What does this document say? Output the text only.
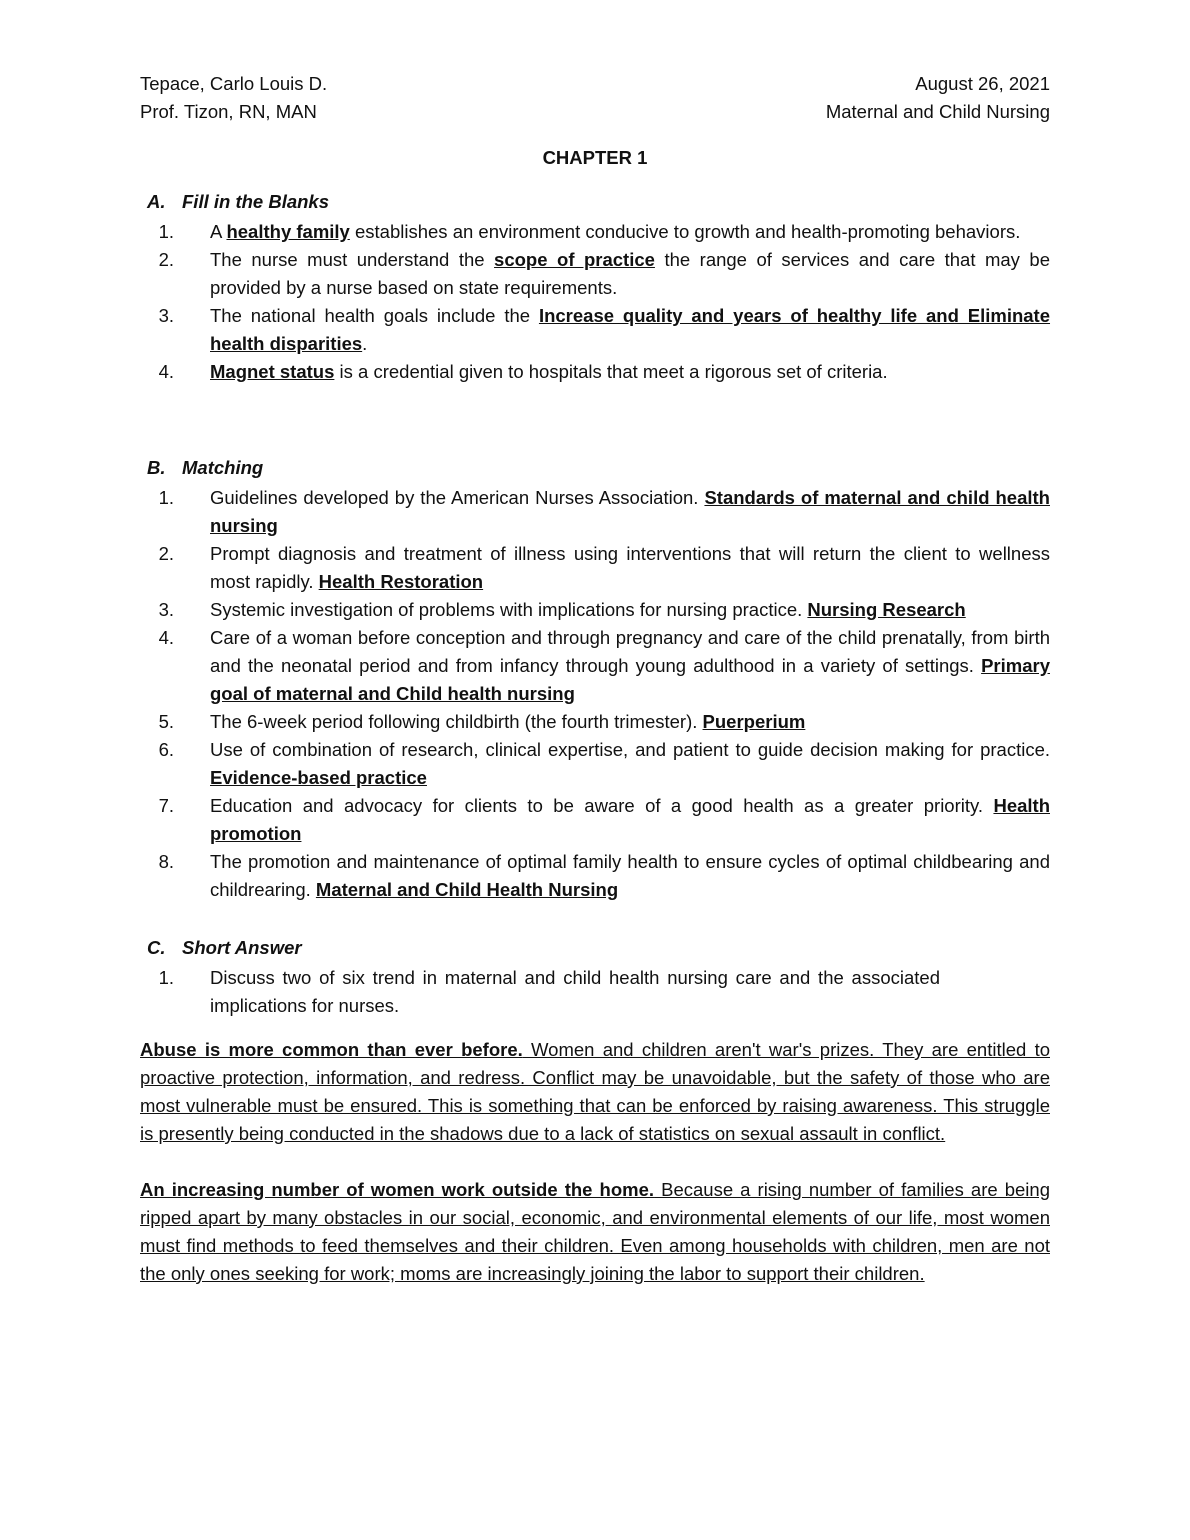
Tepace, Carlo Louis D.	August 26, 2021
Prof. Tizon, RN, MAN	Maternal and Child Nursing
CHAPTER 1
A. Fill in the Blanks
1.	A healthy family establishes an environment conducive to growth and health-promoting behaviors.
2.	The nurse must understand the scope of practice the range of services and care that may be provided by a nurse based on state requirements.
3.	The national health goals include the Increase quality and years of healthy life and Eliminate health disparities.
4.	Magnet status is a credential given to hospitals that meet a rigorous set of criteria.
B. Matching
1.	Guidelines developed by the American Nurses Association. Standards of maternal and child health nursing
2.	Prompt diagnosis and treatment of illness using interventions that will return the client to wellness most rapidly. Health Restoration
3.	Systemic investigation of problems with implications for nursing practice. Nursing Research
4.	Care of a woman before conception and through pregnancy and care of the child prenatally, from birth and the neonatal period and from infancy through young adulthood in a variety of settings. Primary goal of maternal and Child health nursing
5.	The 6-week period following childbirth (the fourth trimester). Puerperium
6.	Use of combination of research, clinical expertise, and patient to guide decision making for practice. Evidence-based practice
7.	Education and advocacy for clients to be aware of a good health as a greater priority. Health promotion
8.	The promotion and maintenance of optimal family health to ensure cycles of optimal childbearing and childrearing. Maternal and Child Health Nursing
C. Short Answer
1.	Discuss two of six trend in maternal and child health nursing care and the associated implications for nurses.
Abuse is more common than ever before. Women and children aren't war's prizes. They are entitled to proactive protection, information, and redress. Conflict may be unavoidable, but the safety of those who are most vulnerable must be ensured. This is something that can be enforced by raising awareness. This struggle is presently being conducted in the shadows due to a lack of statistics on sexual assault in conflict.
An increasing number of women work outside the home. Because a rising number of families are being ripped apart by many obstacles in our social, economic, and environmental elements of our life, most women must find methods to feed themselves and their children. Even among households with children, men are not the only ones seeking for work; moms are increasingly joining the labor to support their children.
